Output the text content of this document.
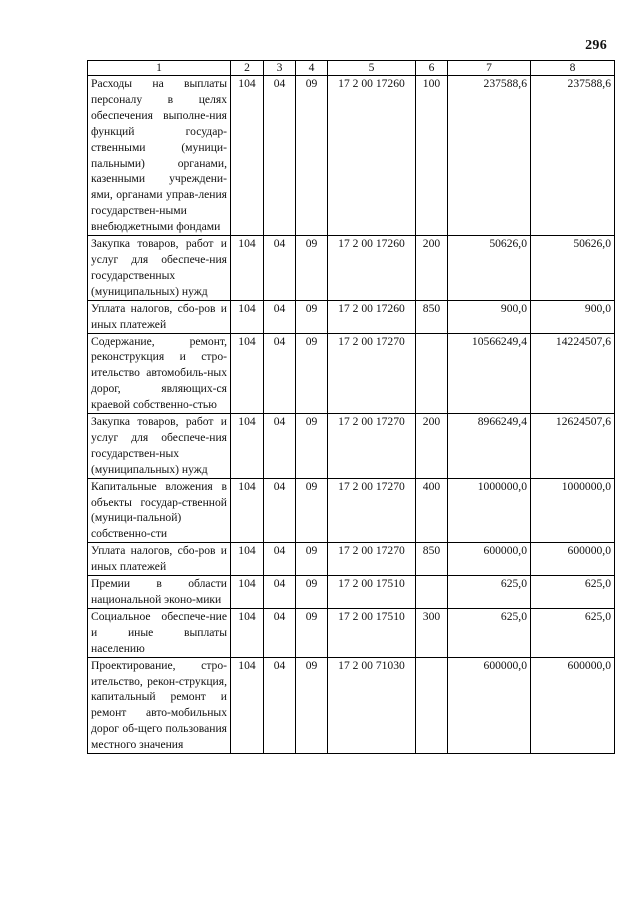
296
1	2	3	4	5	6	7	8
Расходы на выплаты персоналу в целях обеспечения выполне-ния функций государ-ственными (муници-пальными) органами, казенными учреждени-ями, органами управ-ления государствен-ными внебюджетными фондами	104	04	09	17 2 00 17260	100	237588,6	237588,6
Закупка товаров, работ и услуг для обеспече-ния государственных (муниципальных) нужд	104	04	09	17 2 00 17260	200	50626,0	50626,0
Уплата налогов, сбо-ров и иных платежей	104	04	09	17 2 00 17260	850	900,0	900,0
Содержание, ремонт, реконструкция и стро-ительство автомобиль-ных дорог, являющих-ся краевой собственно-стью	104	04	09	17 2 00 17270		10566249,4	14224507,6
Закупка товаров, работ и услуг для обеспече-ния государствен-ных (муниципальных) нужд	104	04	09	17 2 00 17270	200	8966249,4	12624507,6
Капитальные вложения в объекты государ-ственной (муници-пальной) собственно-сти	104	04	09	17 2 00 17270	400	1000000,0	1000000,0
Уплата налогов, сбо-ров и иных платежей	104	04	09	17 2 00 17270	850	600000,0	600000,0
Премии в области национальной эконо-мики	104	04	09	17 2 00 17510		625,0	625,0
Социальное обеспече-ние и иные выплаты населению	104	04	09	17 2 00 17510	300	625,0	625,0
Проектирование, стро-ительство, рекон-струкция, капитальный ремонт и ремонт авто-мобильных дорог об-щего пользования местного значения	104	04	09	17 2 00 71030		600000,0	600000,0
